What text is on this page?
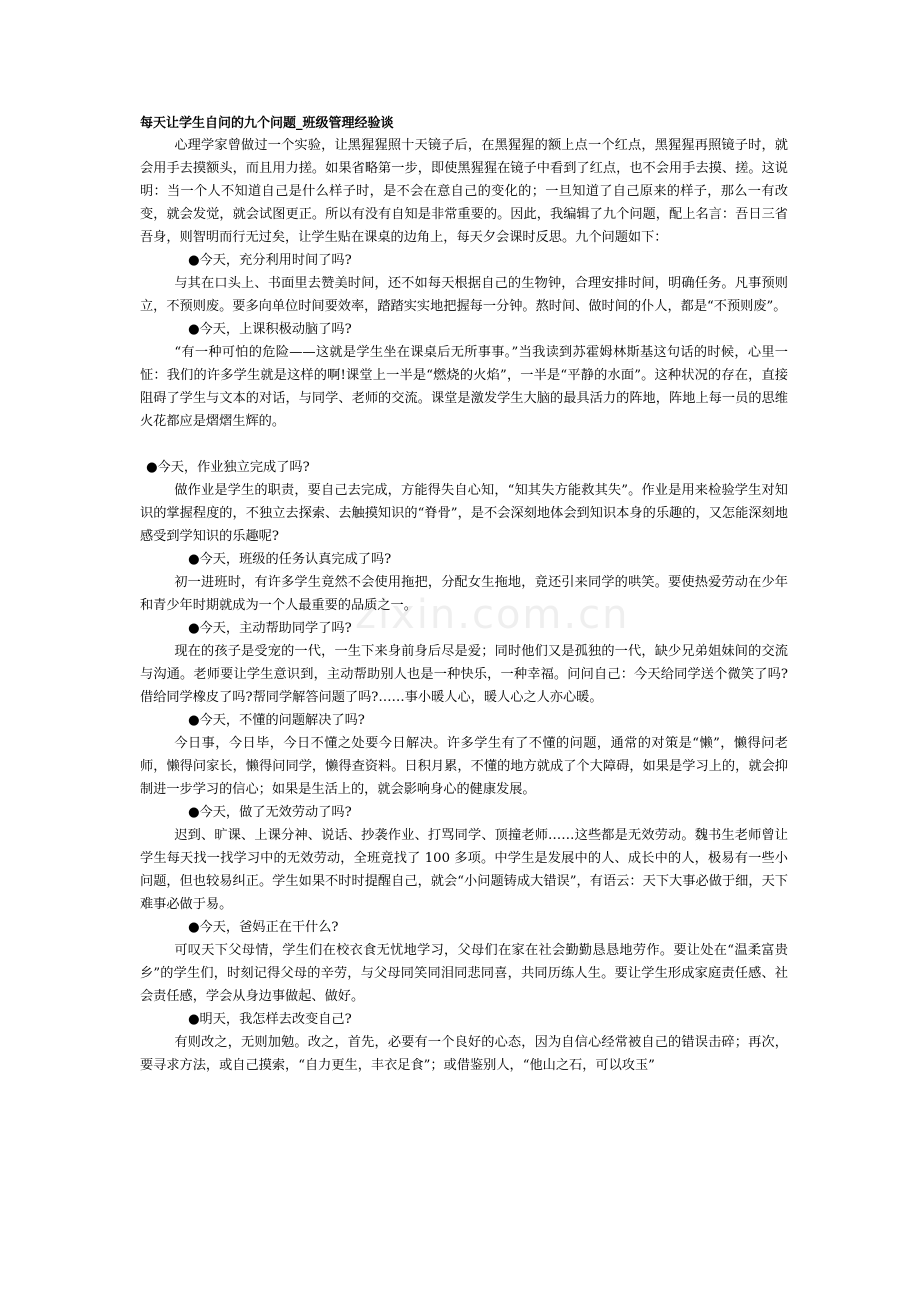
zixin.com.cn

每天让学生自问的九个问题_班级管理经验谈

心理学家曾做过一个实验，让黑猩猩照十天镜子后，在黑猩猩的额上点一个红点，黑猩猩再照镜子时，就会用手去摸额头，而且用力搓。如果省略第一步，即使黑猩猩在镜子中看到了红点，也不会用手去摸、搓。这说明：当一个人不知道自己是什么样子时，是不会在意自己的变化的；一旦知道了自己原来的样子，那么一有改变，就会发觉，就会试图更正。所以有没有自知是非常重要的。因此，我编辑了九个问题，配上名言：吾日三省吾身，则智明而行无过矣，让学生贴在课桌的边角上，每天夕会课时反思。九个问题如下：

●今天，充分利用时间了吗?

与其在口头上、书面里去赞美时间，还不如每天根据自己的生物钟，合理安排时间，明确任务。凡事预则立，不预则废。要多向单位时间要效率，踏踏实实地把握每一分钟。熬时间、做时间的仆人，都是“不预则废”。

●今天，上课积极动脑了吗?

“有一种可怕的危险——这就是学生坐在课桌后无所事事。”当我读到苏霍姆林斯基这句话的时候，心里一怔：我们的许多学生就是这样的啊!课堂上一半是“燃烧的火焰”，一半是“平静的水面”。这种状况的存在，直接阻碍了学生与文本的对话，与同学、老师的交流。课堂是激发学生大脑的最具活力的阵地，阵地上每一员的思维火花都应是熠熠生辉的。

●今天，作业独立完成了吗?

做作业是学生的职责，要自己去完成，方能得失自心知，“知其失方能救其失”。作业是用来检验学生对知识的掌握程度的，不独立去探索、去触摸知识的“脊骨”，是不会深刻地体会到知识本身的乐趣的，又怎能深刻地感受到学知识的乐趣呢?

●今天，班级的任务认真完成了吗?

初一进班时，有许多学生竟然不会使用拖把，分配女生拖地，竟还引来同学的哄笑。要使热爱劳动在少年和青少年时期就成为一个人最重要的品质之一。

●今天，主动帮助同学了吗?

现在的孩子是受宠的一代，一生下来身前身后尽是爱；同时他们又是孤独的一代，缺少兄弟姐妹间的交流与沟通。老师要让学生意识到，主动帮助别人也是一种快乐，一种幸福。问问自己：今天给同学送个微笑了吗?借给同学橡皮了吗?帮同学解答问题了吗?……事小暖人心，暖人心之人亦心暖。

●今天，不懂的问题解决了吗?

今日事，今日毕，今日不懂之处要今日解决。许多学生有了不懂的问题，通常的对策是“懒”，懒得问老师，懒得问家长，懒得问同学，懒得查资料。日积月累，不懂的地方就成了个大障碍，如果是学习上的，就会抑制进一步学习的信心；如果是生活上的，就会影响身心的健康发展。

●今天，做了无效劳动了吗?

迟到、旷课、上课分神、说话、抄袭作业、打骂同学、顶撞老师……这些都是无效劳动。魏书生老师曾让学生每天找一找学习中的无效劳动，全班竟找了 100 多项。中学生是发展中的人、成长中的人，极易有一些小问题，但也较易纠正。学生如果不时时提醒自己，就会“小问题铸成大错误”，有语云：天下大事必做于细，天下难事必做于易。

●今天，爸妈正在干什么?

可叹天下父母情，学生们在校衣食无忧地学习，父母们在家在社会勤勤恳恳地劳作。要让处在“温柔富贵乡”的学生们，时刻记得父母的辛劳，与父母同笑同泪同悲同喜，共同历练人生。要让学生形成家庭责任感、社会责任感，学会从身边事做起、做好。

●明天，我怎样去改变自己?

有则改之，无则加勉。改之，首先，必要有一个良好的心态，因为自信心经常被自己的错误击碎；再次，要寻求方法，或自己摸索，“自力更生，丰衣足食”；或借鉴别人，“他山之石，可以攻玉”
